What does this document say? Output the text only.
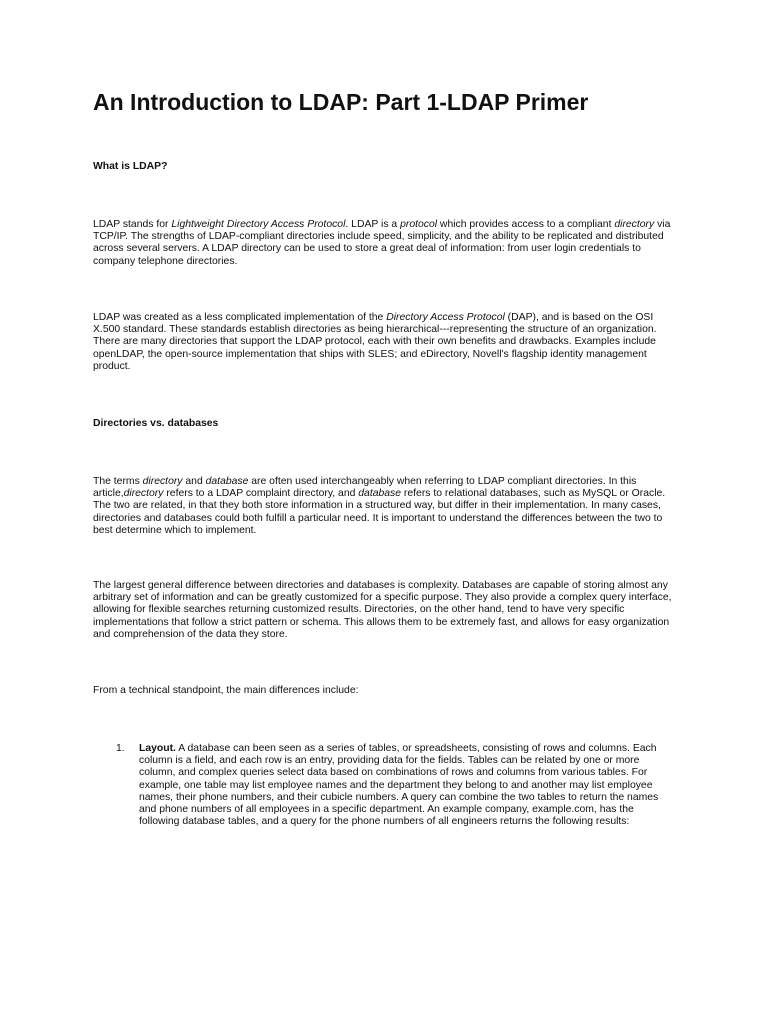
An Introduction to LDAP: Part 1-LDAP Primer

What is LDAP?

LDAP stands for Lightweight Directory Access Protocol. LDAP is a protocol which provides access to a compliant directory via TCP/IP. The strengths of LDAP-compliant directories include speed, simplicity, and the ability to be replicated and distributed across several servers. A LDAP directory can be used to store a great deal of information: from user login credentials to company telephone directories.

LDAP was created as a less complicated implementation of the Directory Access Protocol (DAP), and is based on the OSI X.500 standard. These standards establish directories as being hierarchical---representing the structure of an organization. There are many directories that support the LDAP protocol, each with their own benefits and drawbacks. Examples include openLDAP, the open-source implementation that ships with SLES; and eDirectory, Novell's flagship identity management product.

Directories vs. databases

The terms directory and database are often used interchangeably when referring to LDAP compliant directories. In this article,directory refers to a LDAP complaint directory, and database refers to relational databases, such as MySQL or Oracle. The two are related, in that they both store information in a structured way, but differ in their implementation. In many cases, directories and databases could both fulfill a particular need. It is important to understand the differences between the two to best determine which to implement.

The largest general difference between directories and databases is complexity. Databases are capable of storing almost any arbitrary set of information and can be greatly customized for a specific purpose. They also provide a complex query interface, allowing for flexible searches returning customized results. Directories, on the other hand, tend to have very specific implementations that follow a strict pattern or schema. This allows them to be extremely fast, and allows for easy organization and comprehension of the data they store.

From a technical standpoint, the main differences include:

1. Layout. A database can been seen as a series of tables, or spreadsheets, consisting of rows and columns. Each column is a field, and each row is an entry, providing data for the fields. Tables can be related by one or more column, and complex queries select data based on combinations of rows and columns from various tables. For example, one table may list employee names and the department they belong to and another may list employee names, their phone numbers, and their cubicle numbers. A query can combine the two tables to return the names and phone numbers of all employees in a specific department. An example company, example.com, has the following database tables, and a query for the phone numbers of all engineers returns the following results:
